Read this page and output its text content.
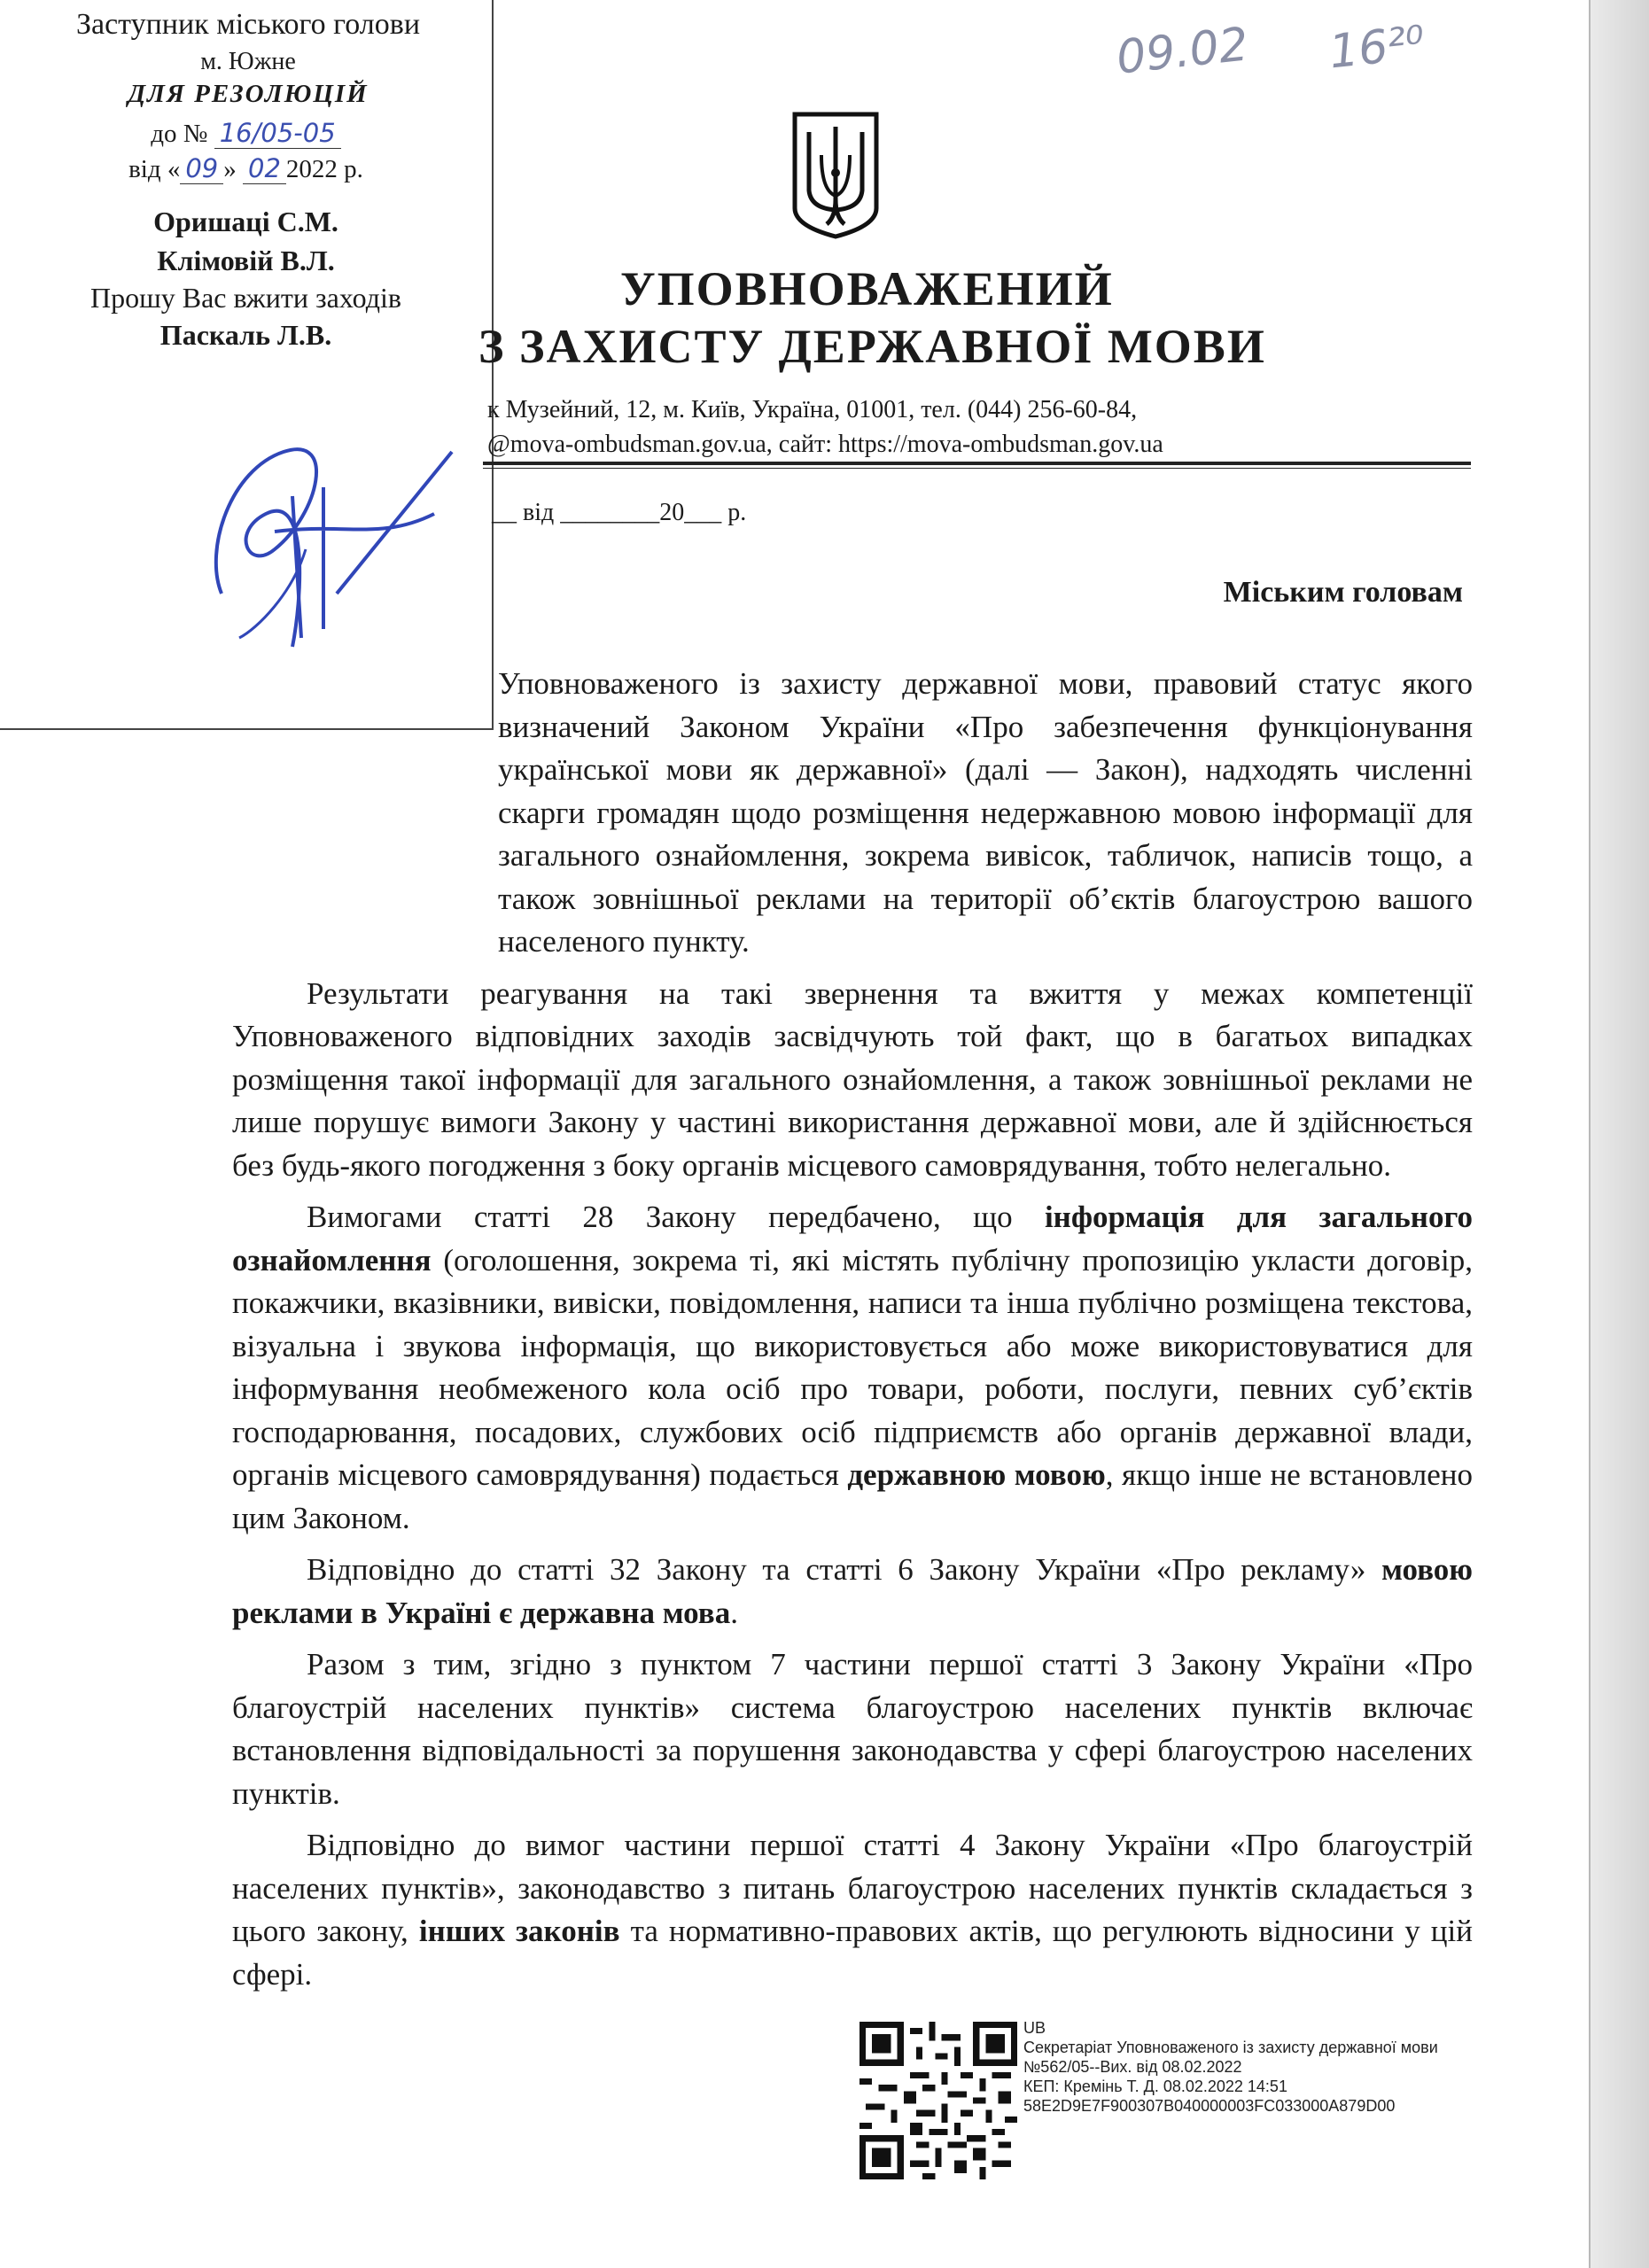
Заступник міського голови
м. Южне
ДЛЯ РЕЗОЛЮЦІЙ
до № 16/05-05
від « 09 » 02 2022 р.
Оришаці С.М.
Клімовій В.Л.
Прошу Вас вжити заходів
Паскаль Л.В.
09.02 16²⁰
УПОВНОВАЖЕНИЙ
З ЗАХИСТУ ДЕРЖАВНОЇ МОВИ
к Музейний, 12, м. Київ, Україна, 01001, тел. (044) 256-60-84,
@mova-ombudsman.gov.ua, сайт: https://mova-ombudsman.gov.ua
__ від ________20___ р.
Міським головам

Уповноваженого із захисту державної мови, правовий статус якого визначений Законом України «Про забезпечення функціонування української мови як державної» (далі — Закон), надходять численні скарги громадян щодо розміщення недержавною мовою інформації для загального ознайомлення, зокрема вивісок, табличок, написів тощо, а також зовнішньої реклами на території об’єктів благоустрою вашого населеного пункту.

Результати реагування на такі звернення та вжиття у межах компетенції Уповноваженого відповідних заходів засвідчують той факт, що в багатьох випадках розміщення такої інформації для загального ознайомлення, а також зовнішньої реклами не лише порушує вимоги Закону у частині використання державної мови, але й здійснюється без будь-якого погодження з боку органів місцевого самоврядування, тобто нелегально.

Вимогами статті 28 Закону передбачено, що інформація для загального ознайомлення (оголошення, зокрема ті, які містять публічну пропозицію укласти договір, покажчики, вказівники, вивіски, повідомлення, написи та інша публічно розміщена текстова, візуальна і звукова інформація, що використовується або може використовуватися для інформування необмеженого кола осіб про товари, роботи, послуги, певних суб’єктів господарювання, посадових, службових осіб підприємств або органів державної влади, органів місцевого самоврядування) подається державною мовою, якщо інше не встановлено цим Законом.

Відповідно до статті 32 Закону та статті 6 Закону України «Про рекламу» мовою реклами в Україні є державна мова.

Разом з тим, згідно з пунктом 7 частини першої статті 3 Закону України «Про благоустрій населених пунктів» система благоустрою населених пунктів включає встановлення відповідальності за порушення законодавства у сфері благоустрою населених пунктів.

Відповідно до вимог частини першої статті 4 Закону України «Про благоустрій населених пунктів», законодавство з питань благоустрою населених пунктів складається з цього закону, інших законів та нормативно-правових актів, що регулюють відносини у цій сфері.

UB
Секретаріат Уповноваженого із захисту державної мови
№562/05--Вих. від 08.02.2022
КЕП: Кремінь Т. Д. 08.02.2022 14:51
58E2D9E7F900307B040000003FC033000A879D00
